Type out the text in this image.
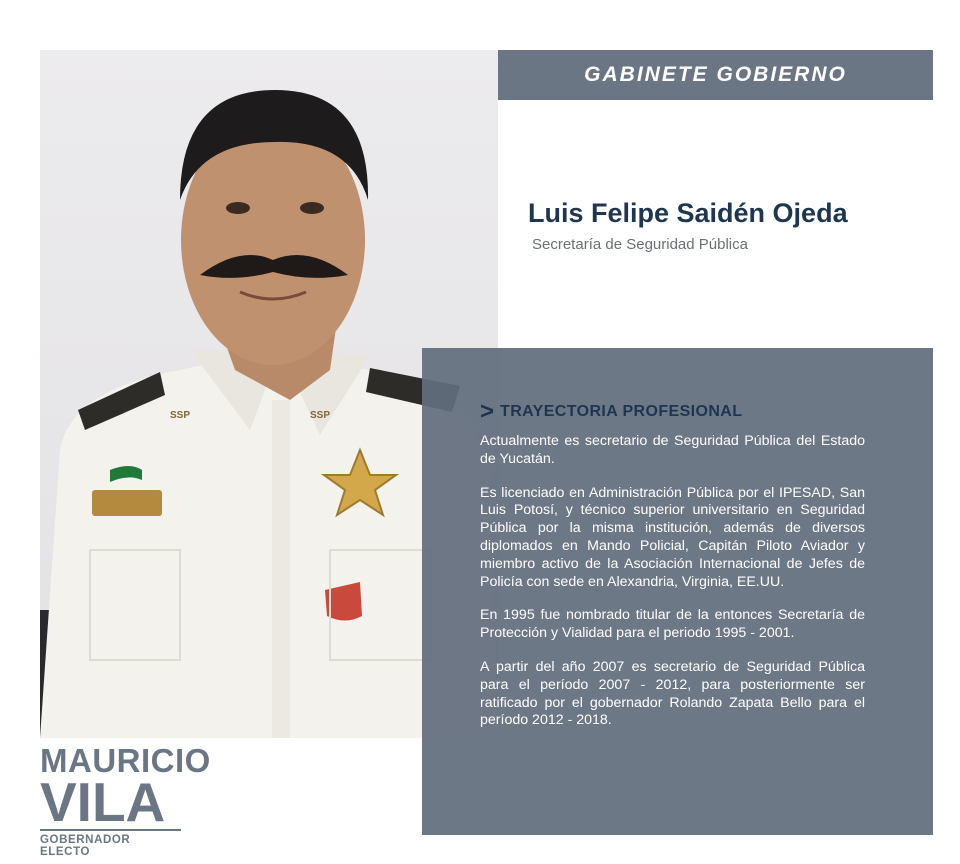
SSP	SSP
GABINETE GOBIERNO
Luis Felipe Saidén Ojeda

Secretaría de Seguridad Pública

> TRAYECTORIA PROFESIONAL

Actualmente es secretario de Seguridad Pública del Estado de Yucatán.

Es licenciado en Administración Pública por el IPESAD, San Luis Potosí, y técnico superior universitario en Seguridad Pública por la misma institución, además de diversos diplomados en Mando Policial, Capitán Piloto Aviador y miembro activo de la Asociación Internacional de Jefes de Policía con sede en Alexandria, Virginia, EE.UU.

En 1995 fue nombrado titular de la entonces Secretaría de Protección y Vialidad para el periodo 1995 - 2001.

A partir del año 2007 es secretario de Seguridad Pública para el período 2007 - 2012, para posteriormente ser ratificado por el gobernador Rolando Zapata Bello para el período 2012 - 2018.

MAURICIO
VILA
GOBERNADOR ELECTO
